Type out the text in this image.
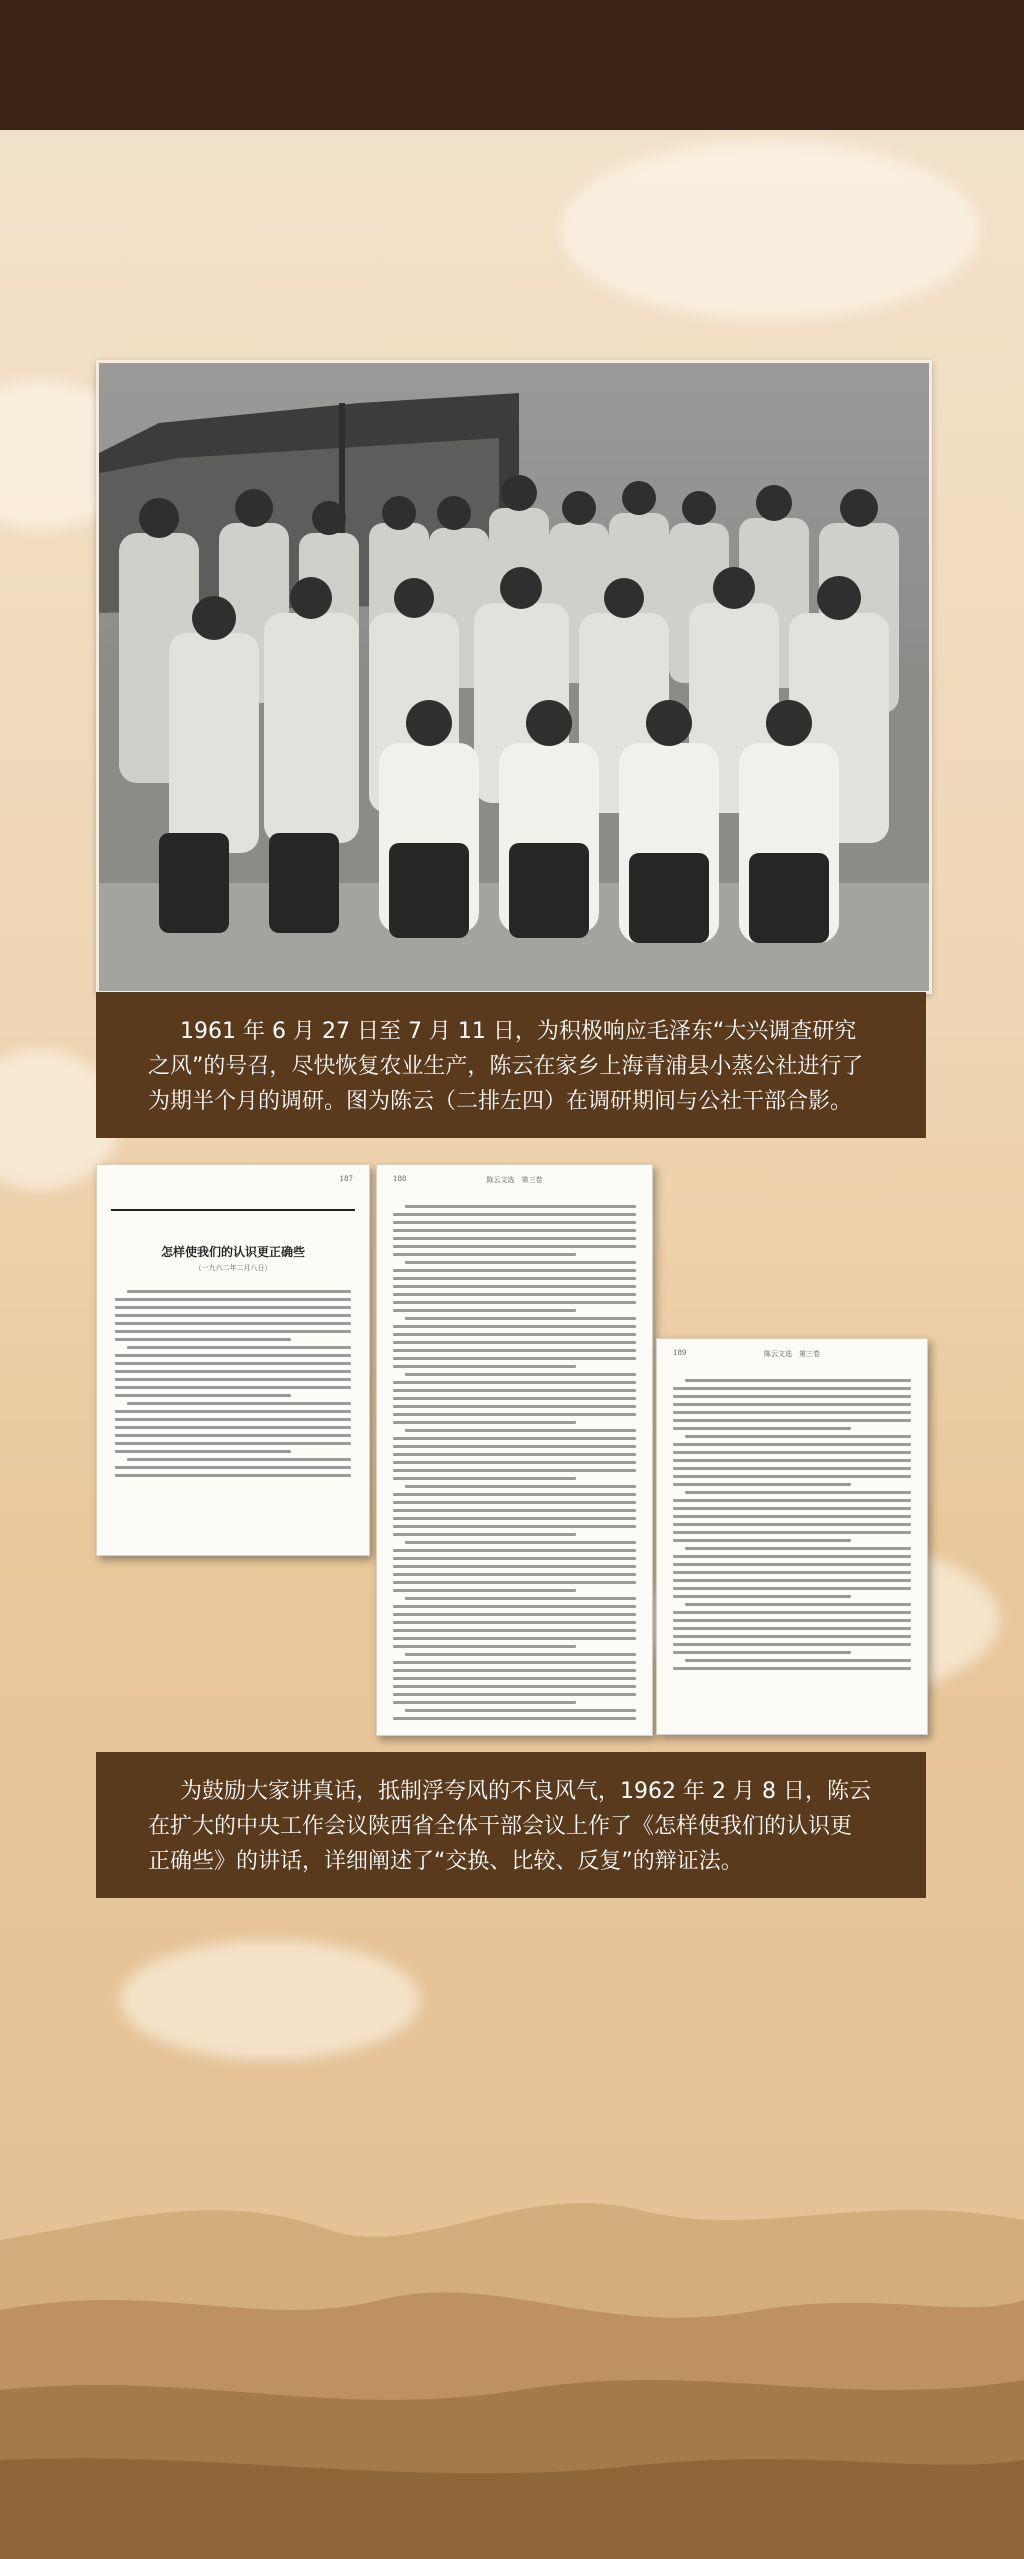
1961 年 6 月 27 日至 7 月 11 日，为积极响应毛泽东“大兴调查研究
之风”的号召，尽快恢复农业生产，陈云在家乡上海青浦县小蒸公社进行了
为期半个月的调研。图为陈云（二排左四）在调研期间与公社干部合影。
187
怎样使我们的认识更正确些
（一九六二年二月八日）
188	陈云文选　第三卷
189	陈云文选　第三卷
为鼓励大家讲真话，抵制浮夸风的不良风气，1962 年 2 月 8 日，陈云
在扩大的中央工作会议陕西省全体干部会议上作了《怎样使我们的认识更
正确些》的讲话，详细阐述了“交换、比较、反复”的辩证法。
